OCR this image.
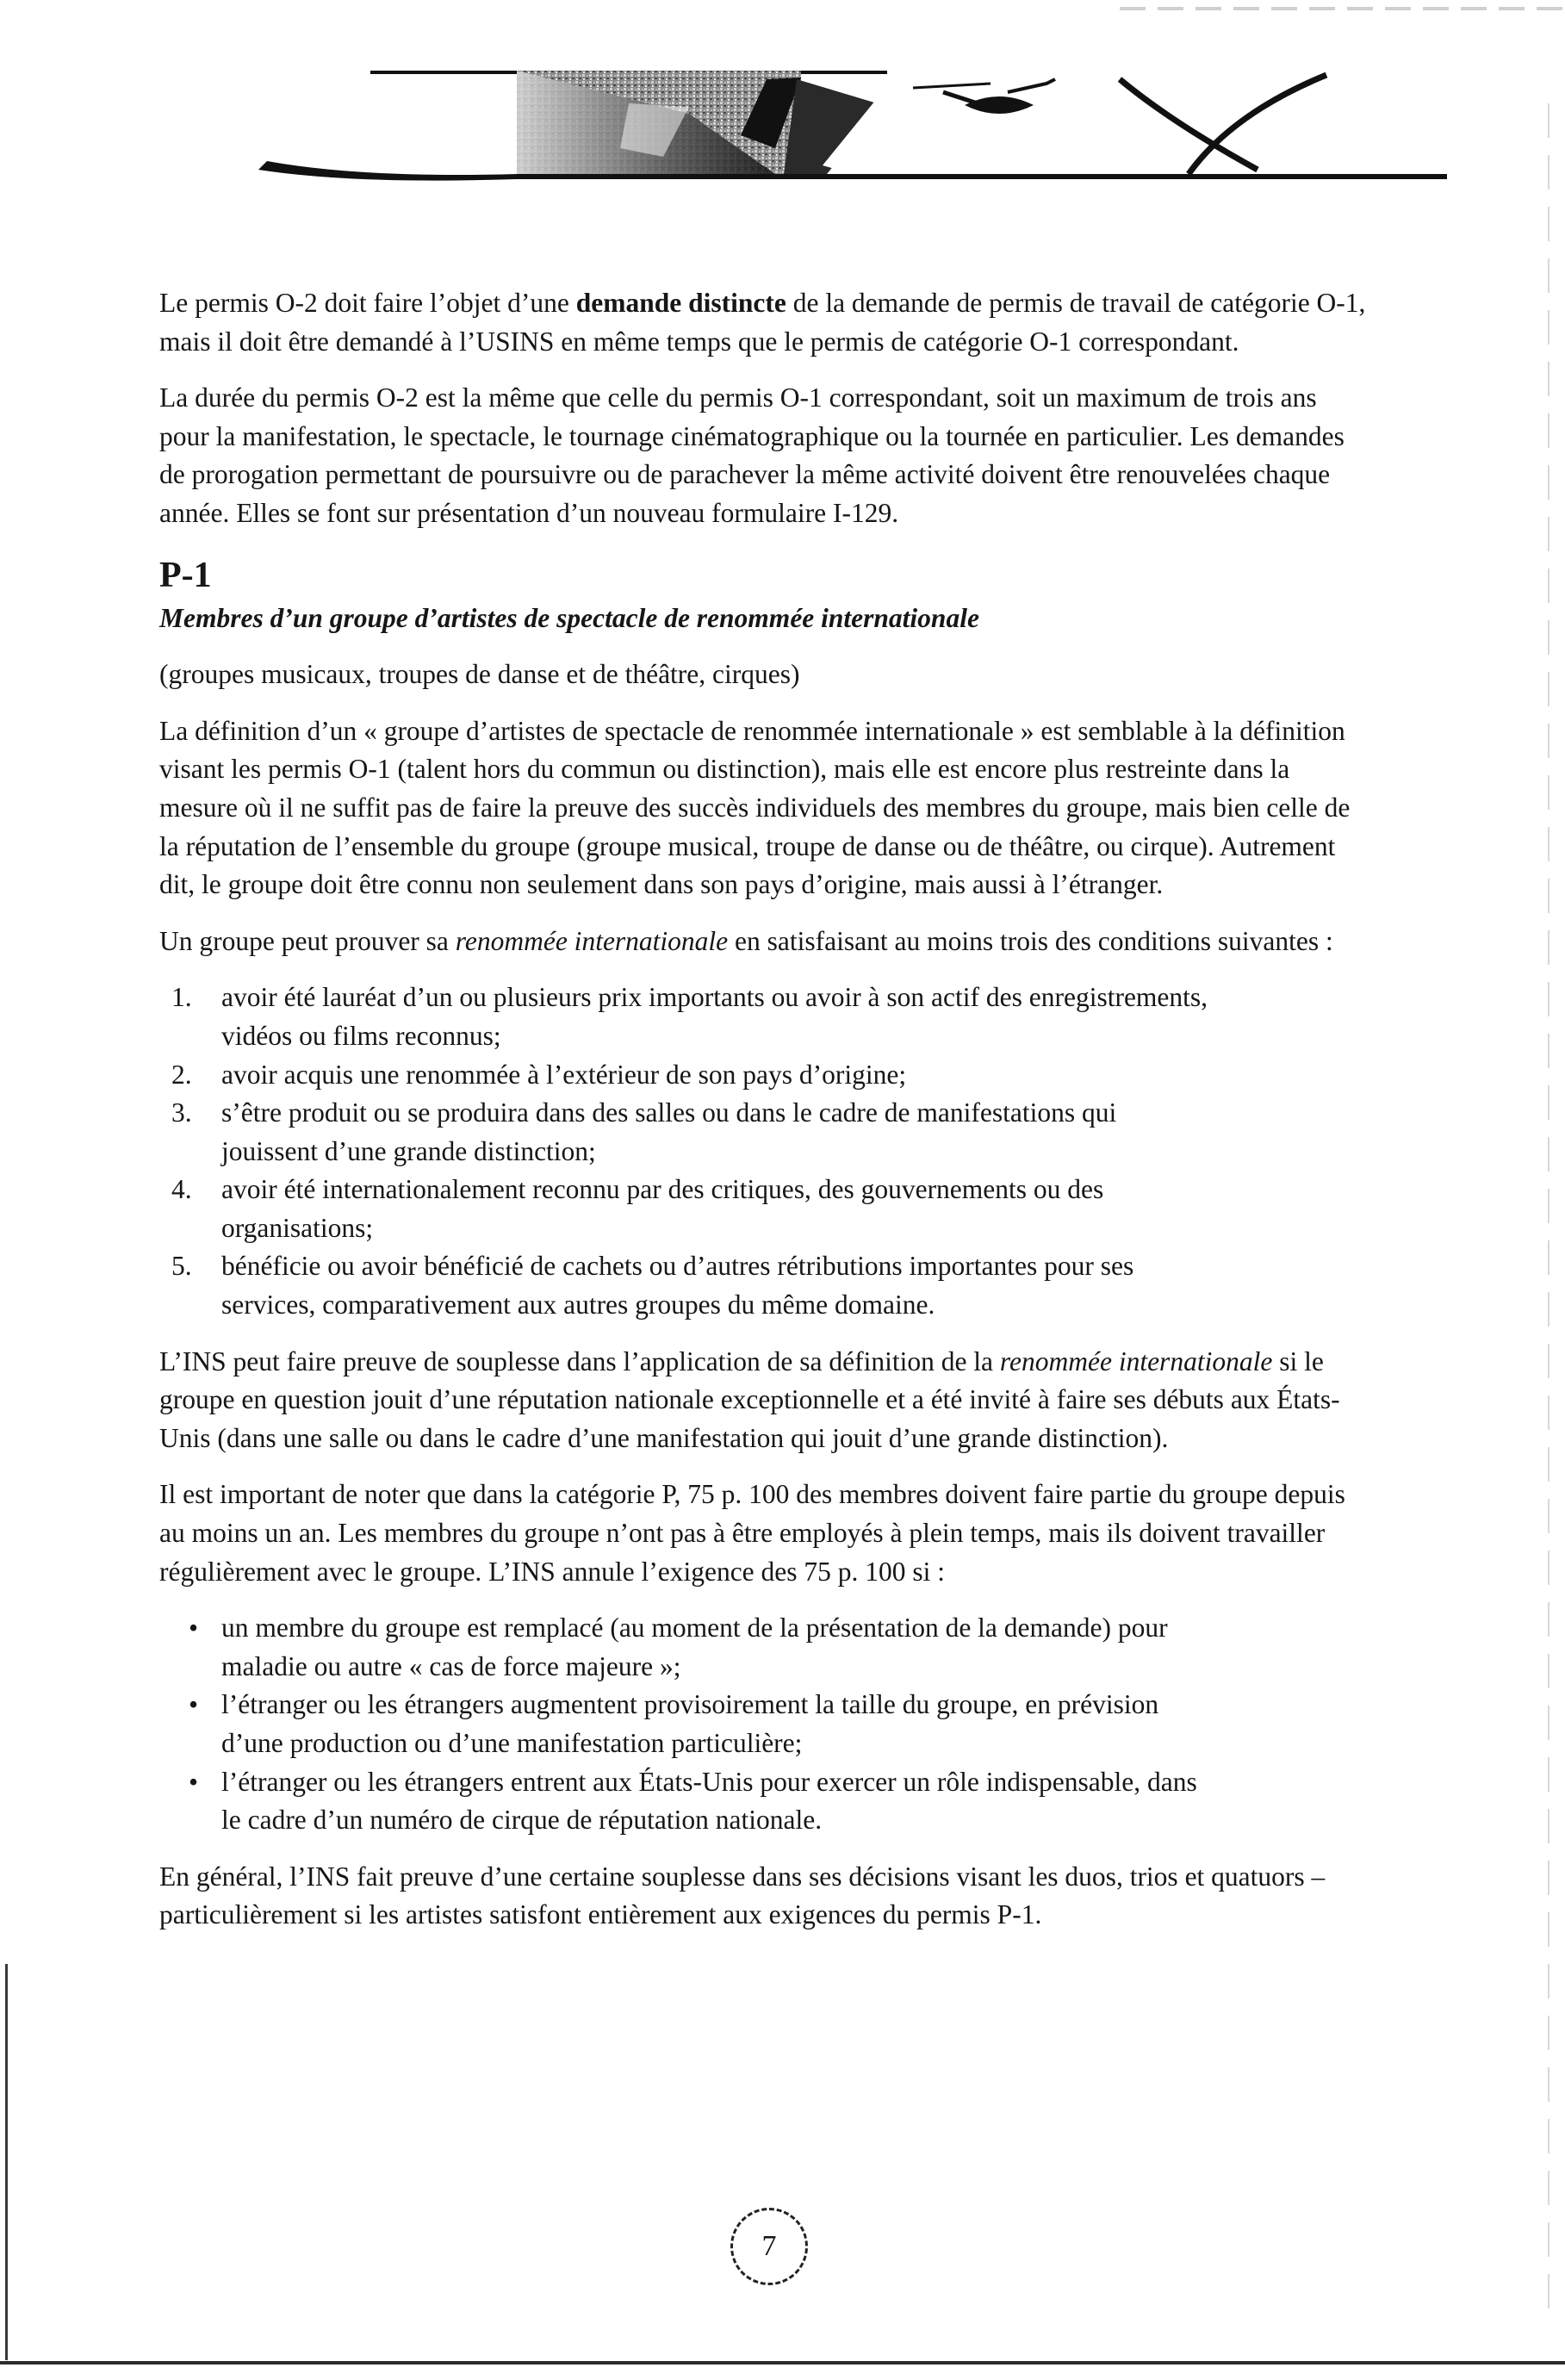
Le permis O-2 doit faire l’objet d’une demande distincte de la demande de permis de travail de catégorie O-1, mais il doit être demandé à l’USINS en même temps que le permis de catégorie O-1 correspondant.

La durée du permis O-2 est la même que celle du permis O-1 correspondant, soit un maximum de trois ans pour la manifestation, le spectacle, le tournage cinématographique ou la tournée en particulier. Les demandes de prorogation permettant de poursuivre ou de parachever la même activité doivent être renouvelées chaque année. Elles se font sur présentation d’un nouveau formulaire I-129.

P-1

Membres d’un groupe d’artistes de spectacle de renommée internationale

(groupes musicaux, troupes de danse et de théâtre, cirques)

La définition d’un « groupe d’artistes de spectacle de renommée internationale » est semblable à la définition visant les permis O-1 (talent hors du commun ou distinction), mais elle est encore plus restreinte dans la mesure où il ne suffit pas de faire la preuve des succès individuels des membres du groupe, mais bien celle de la réputation de l’ensemble du groupe (groupe musical, troupe de danse ou de théâtre, ou cirque). Autrement dit, le groupe doit être connu non seulement dans son pays d’origine, mais aussi à l’étranger.

Un groupe peut prouver sa renommée internationale en satisfaisant au moins trois des conditions suivantes :

1. avoir été lauréat d’un ou plusieurs prix importants ou avoir à son actif des enregistrements, vidéos ou films reconnus;
2. avoir acquis une renommée à l’extérieur de son pays d’origine;
3. s’être produit ou se produira dans des salles ou dans le cadre de manifestations qui jouissent d’une grande distinction;
4. avoir été internationalement reconnu par des critiques, des gouvernements ou des organisations;
5. bénéficie ou avoir bénéficié de cachets ou d’autres rétributions importantes pour ses services, comparativement aux autres groupes du même domaine.

L’INS peut faire preuve de souplesse dans l’application de sa définition de la renommée internationale si le groupe en question jouit d’une réputation nationale exceptionnelle et a été invité à faire ses débuts aux États-Unis (dans une salle ou dans le cadre d’une manifestation qui jouit d’une grande distinction).

Il est important de noter que dans la catégorie P, 75 p. 100 des membres doivent faire partie du groupe depuis au moins un an. Les membres du groupe n’ont pas à être employés à plein temps, mais ils doivent travailler régulièrement avec le groupe. L’INS annule l’exigence des 75 p. 100 si :

• un membre du groupe est remplacé (au moment de la présentation de la demande) pour maladie ou autre « cas de force majeure »;
• l’étranger ou les étrangers augmentent provisoirement la taille du groupe, en prévision d’une production ou d’une manifestation particulière;
• l’étranger ou les étrangers entrent aux États-Unis pour exercer un rôle indispensable, dans le cadre d’un numéro de cirque de réputation nationale.

En général, l’INS fait preuve d’une certaine souplesse dans ses décisions visant les duos, trios et quatuors – particulièrement si les artistes satisfont entièrement aux exigences du permis P-1.

7
